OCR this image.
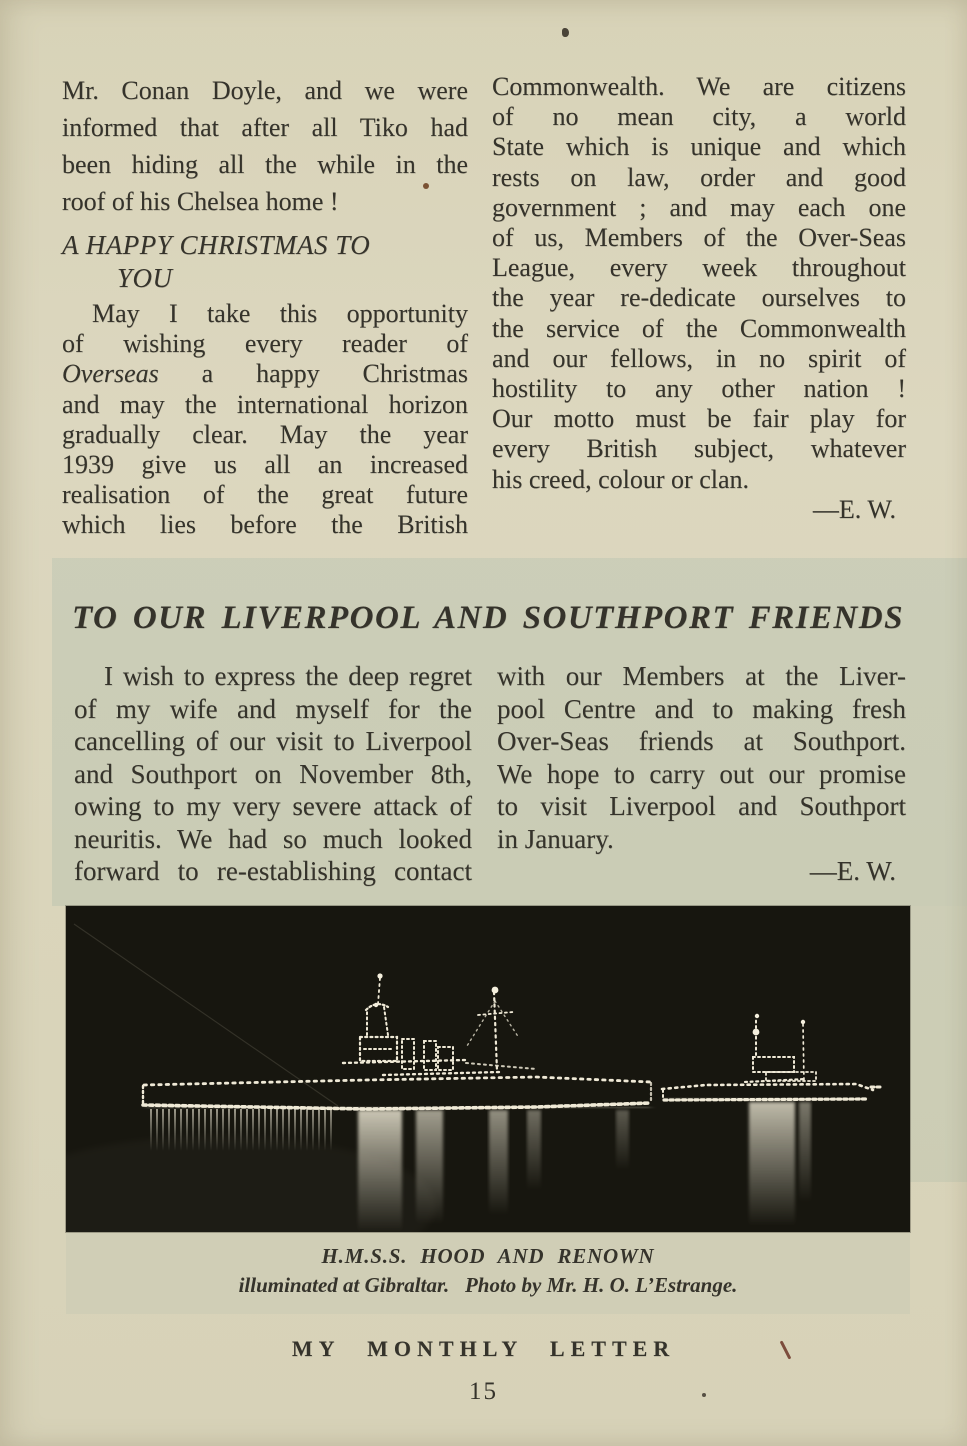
Mr. Conan Doyle, and we were
informed that after all Tiko had
been hiding all the while in the
roof of his Chelsea home !
A HAPPY CHRISTMAS TO
YOU
May I take this opportunity
of wishing every reader of
Overseas a happy Christmas
and may the international horizon
gradually clear. May the year
1939 give us all an increased
realisation of the great future
which lies before the British
Commonwealth. We are citizens
of no mean city, a world
State which is unique and which
rests on law, order and good
government ; and may each one
of us, Members of the Over-Seas
League, every week throughout
the year re-dedicate ourselves to
the service of the Commonwealth
and our fellows, in no spirit of
hostility to any other nation !
Our motto must be fair play for
every British subject, whatever
his creed, colour or clan.
—E. W.
TO OUR LIVERPOOL AND SOUTHPORT FRIENDS
I wish to express the deep regret
of my wife and myself for the
cancelling of our visit to Liverpool
and Southport on November 8th,
owing to my very severe attack of
neuritis. We had so much looked
forward to re-establishing contact
with our Members at the Liver-
pool Centre and to making fresh
Over-Seas friends at Southport.
We hope to carry out our promise
to visit Liverpool and Southport
in January.
—E. W.
H.M.S.S. HOOD AND RENOWN
illuminated at Gibraltar.   Photo by Mr. H. O. L’Estrange.
MY MONTHLY LETTER
15
